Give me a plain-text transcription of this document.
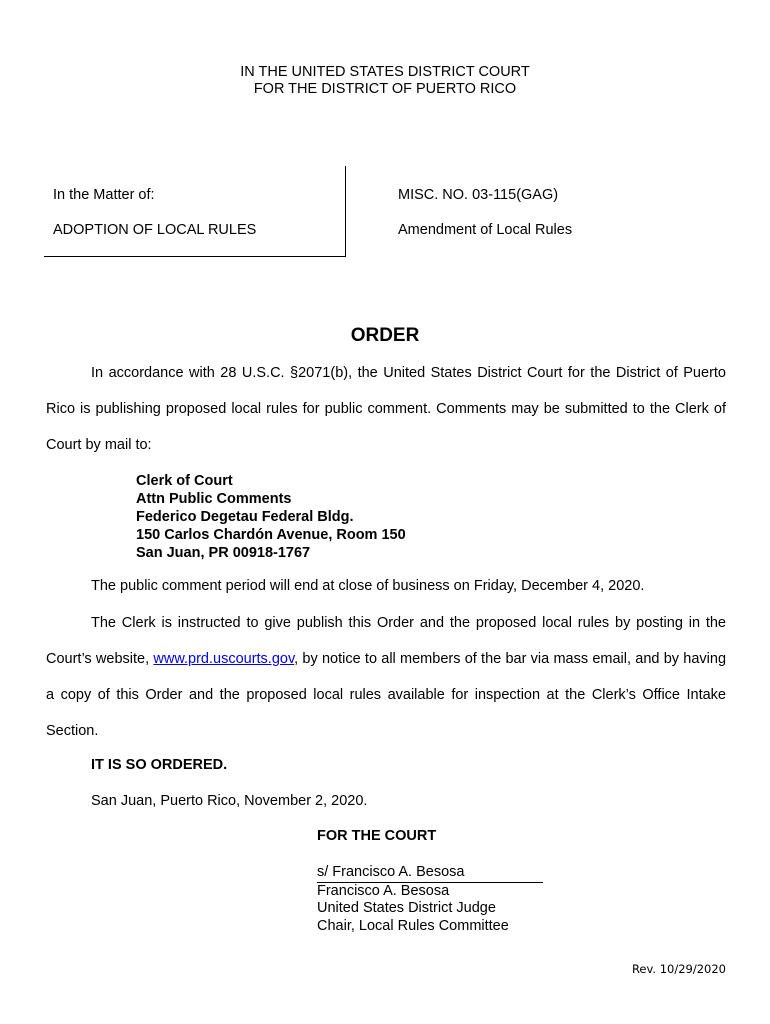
IN THE UNITED STATES DISTRICT COURT
FOR THE DISTRICT OF PUERTO RICO
In the Matter of:
ADOPTION OF LOCAL RULES
MISC. NO. 03-115(GAG)
Amendment of Local Rules
ORDER
In accordance with 28 U.S.C. §2071(b), the United States District Court for the District of Puerto Rico is publishing proposed local rules for public comment. Comments may be submitted to the Clerk of Court by mail to:
Clerk of Court
Attn Public Comments
Federico Degetau Federal Bldg.
150 Carlos Chardón Avenue, Room 150
San Juan, PR 00918-1767
The public comment period will end at close of business on Friday, December 4, 2020.
The Clerk is instructed to give publish this Order and the proposed local rules by posting in the Court’s website, www.prd.uscourts.gov, by notice to all members of the bar via mass email, and by having a copy of this Order and the proposed local rules available for inspection at the Clerk’s Office Intake Section.
IT IS SO ORDERED.
San Juan, Puerto Rico, November 2, 2020.
FOR THE COURT
s/ Francisco A. Besosa
Francisco A. Besosa
United States District Judge
Chair, Local Rules Committee
Rev. 10/29/2020
